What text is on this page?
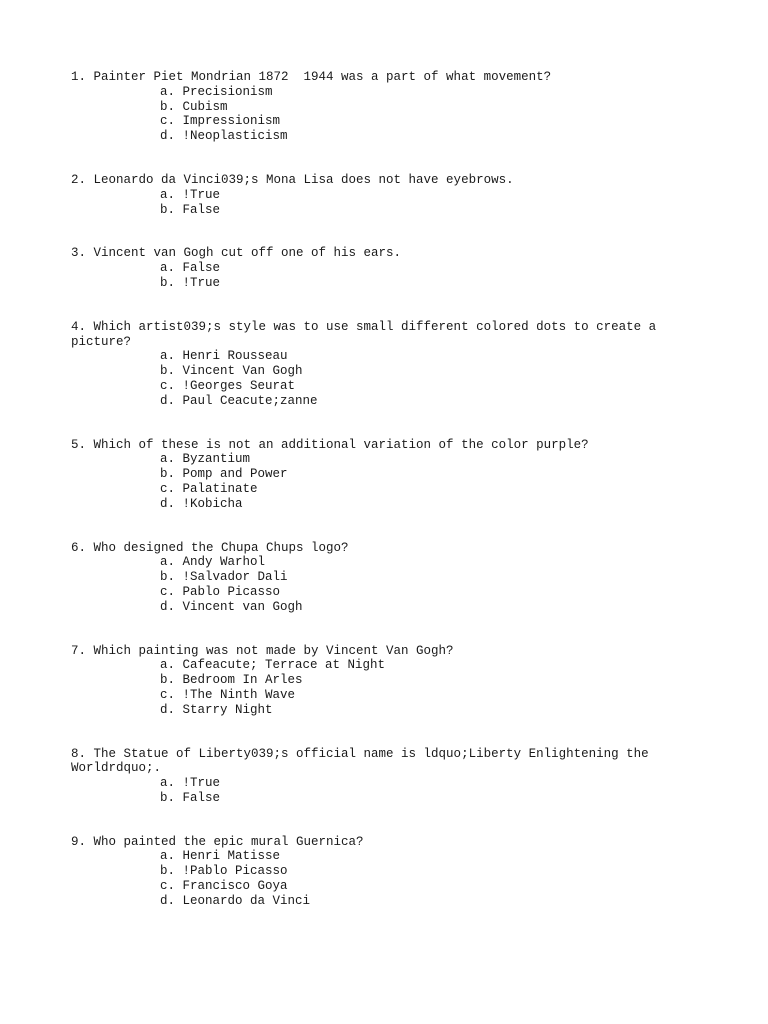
1. Painter Piet Mondrian 1872  1944 was a part of what movement?
a. Precisionism
b. Cubism
c. Impressionism
d. !Neoplasticism
2. Leonardo da Vinci039;s Mona Lisa does not have eyebrows.
a. !True
b. False
3. Vincent van Gogh cut off one of his ears.
a. False
b. !True
4. Which artist039;s style was to use small different colored dots to create a
picture?
a. Henri Rousseau
b. Vincent Van Gogh
c. !Georges Seurat
d. Paul Ceacute;zanne
5. Which of these is not an additional variation of the color purple?
a. Byzantium
b. Pomp and Power
c. Palatinate
d. !Kobicha
6. Who designed the Chupa Chups logo?
a. Andy Warhol
b. !Salvador Dali
c. Pablo Picasso
d. Vincent van Gogh
7. Which painting was not made by Vincent Van Gogh?
a. Cafeacute; Terrace at Night
b. Bedroom In Arles
c. !The Ninth Wave
d. Starry Night
8. The Statue of Liberty039;s official name is ldquo;Liberty Enlightening the
Worldrdquo;.
a. !True
b. False
9. Who painted the epic mural Guernica?
a. Henri Matisse
b. !Pablo Picasso
c. Francisco Goya
d. Leonardo da Vinci
